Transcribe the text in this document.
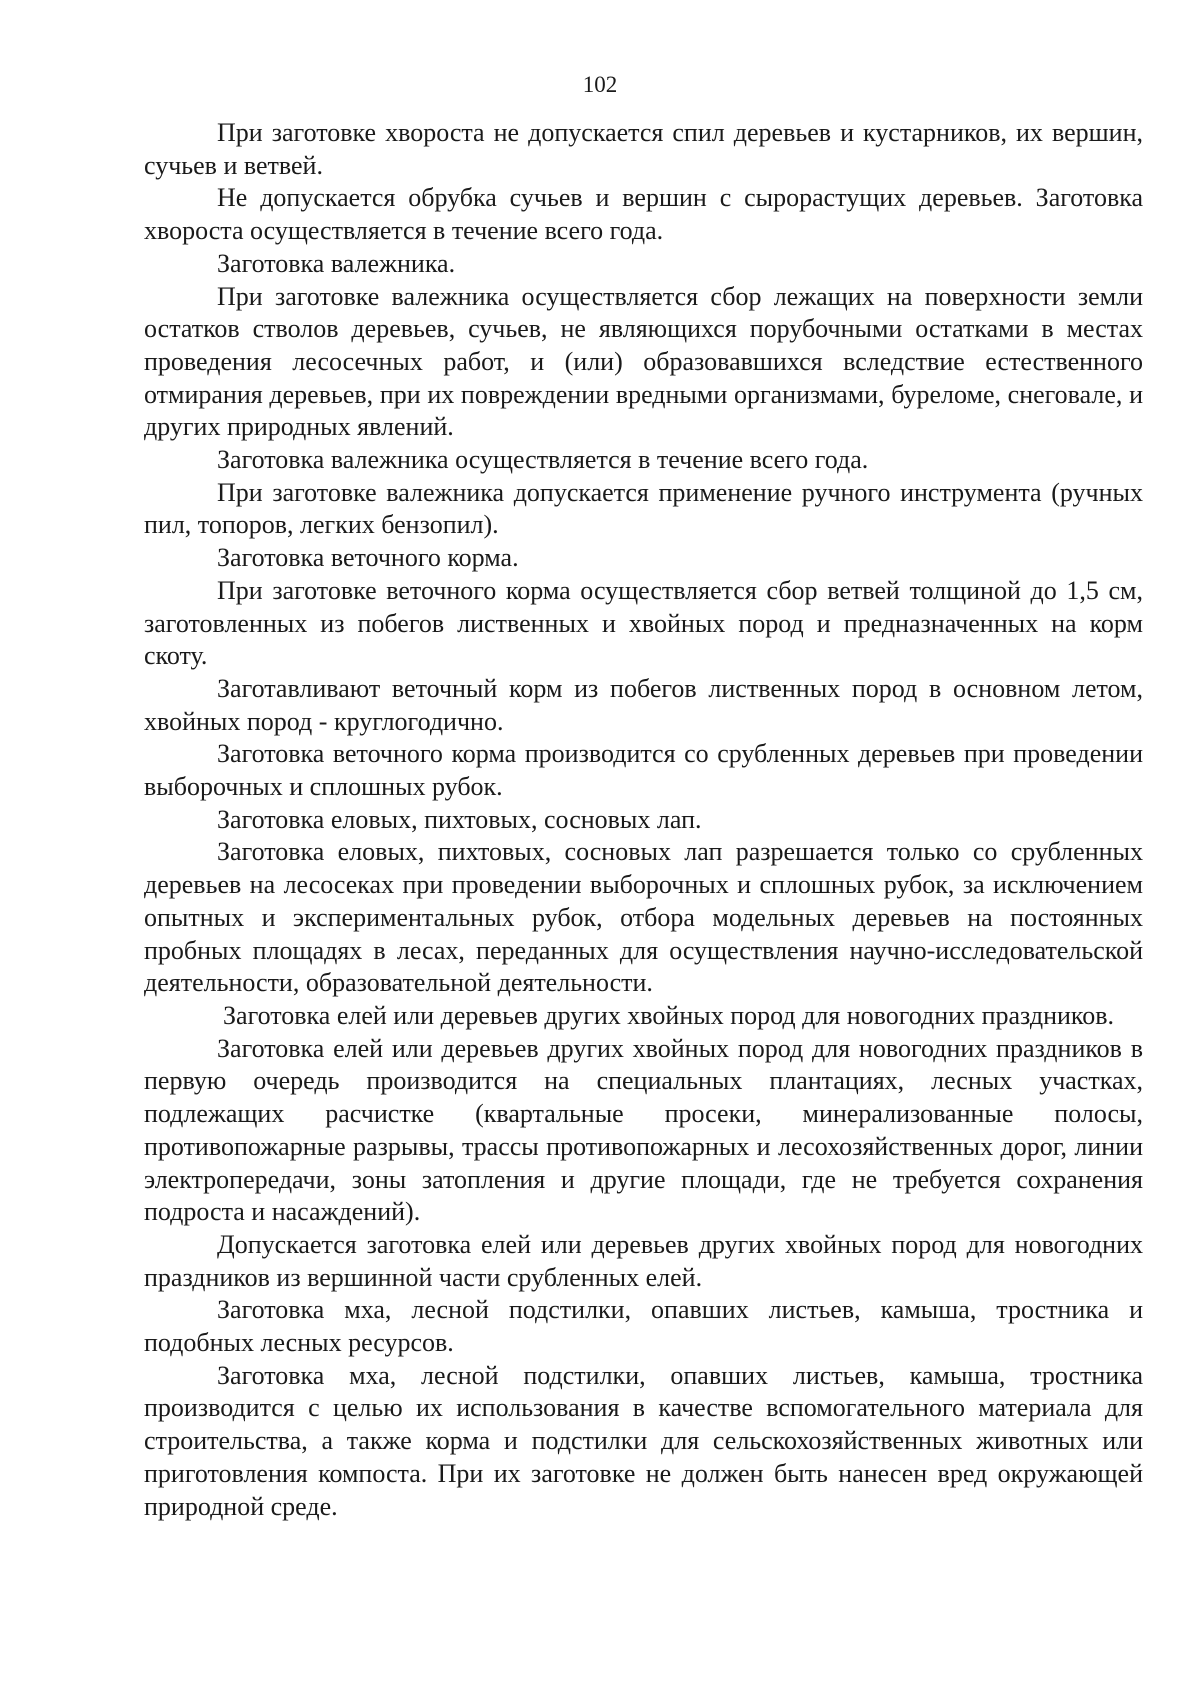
102

При заготовке хвороста не допускается спил деревьев и кустарников, их вершин, сучьев и ветвей.

Не допускается обрубка сучьев и вершин с сырорастущих деревьев. Заготовка хвороста осуществляется в течение всего года.

Заготовка валежника.

При заготовке валежника осуществляется сбор лежащих на поверхности земли остатков стволов деревьев, сучьев, не являющихся порубочными остатками в местах проведения лесосечных работ, и (или) образовавшихся вследствие естественного отмирания деревьев, при их повреждении вредными организмами, буреломе, снеговале, и других природных явлений.

Заготовка валежника осуществляется в течение всего года.

При заготовке валежника допускается применение ручного инструмента (ручных пил, топоров, легких бензопил).

Заготовка веточного корма.

При заготовке веточного корма осуществляется сбор ветвей толщиной до 1,5 см, заготовленных из побегов лиственных и хвойных пород и предназначенных на корм скоту.

Заготавливают веточный корм из побегов лиственных пород в основном летом, хвойных пород - круглогодично.

Заготовка веточного корма производится со срубленных деревьев при проведении выборочных и сплошных рубок.

Заготовка еловых, пихтовых, сосновых лап.

Заготовка еловых, пихтовых, сосновых лап разрешается только со срубленных деревьев на лесосеках при проведении выборочных и сплошных рубок, за исключением опытных и экспериментальных рубок, отбора модельных деревьев на постоянных пробных площадях в лесах, переданных для осуществления научно-исследовательской деятельности, образовательной деятельности.

Заготовка елей или деревьев других хвойных пород для новогодних праздников.

Заготовка елей или деревьев других хвойных пород для новогодних праздников в первую очередь производится на специальных плантациях, лесных участках, подлежащих расчистке (квартальные просеки, минерализованные полосы, противопожарные разрывы, трассы противопожарных и лесохозяйственных дорог, линии электропередачи, зоны затопления и другие площади, где не требуется сохранения подроста и насаждений).

Допускается заготовка елей или деревьев других хвойных пород для новогодних праздников из вершинной части срубленных елей.

Заготовка мха, лесной подстилки, опавших листьев, камыша, тростника и подобных лесных ресурсов.

Заготовка мха, лесной подстилки, опавших листьев, камыша, тростника производится с целью их использования в качестве вспомогательного материала для строительства, а также корма и подстилки для сельскохозяйственных животных или приготовления компоста. При их заготовке не должен быть нанесен вред окружающей природной среде.
